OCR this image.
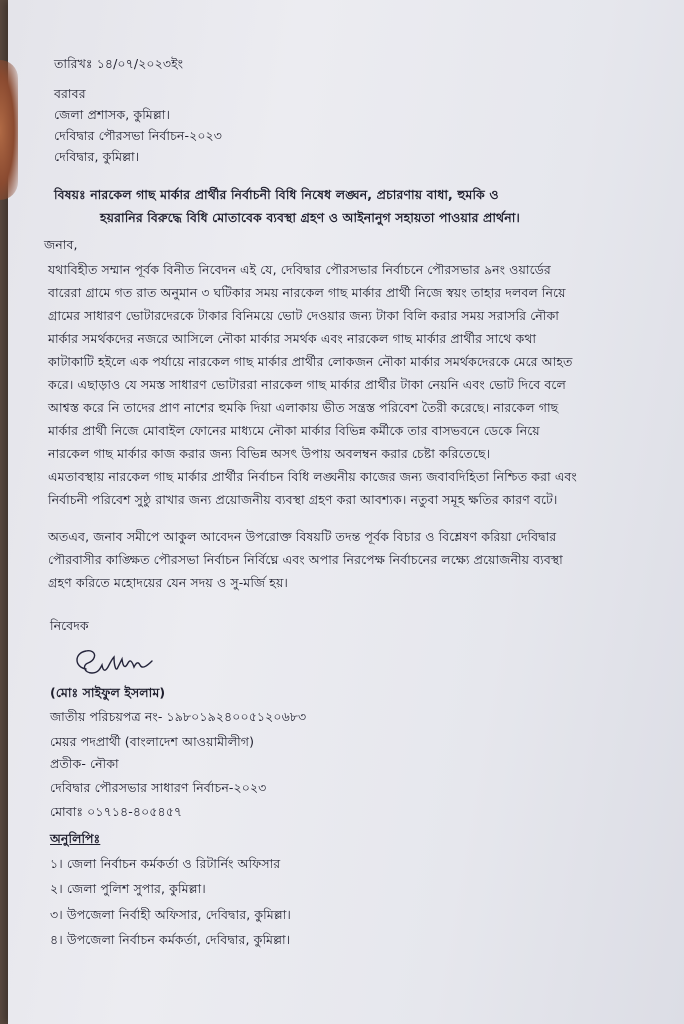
তারিখঃ ১৪/০৭/২০২৩ইং
বরাবর
জেলা প্রশাসক, কুমিল্লা।
দেবিদ্বার পৌরসভা নির্বাচন-২০২৩
দেবিদ্বার, কুমিল্লা।
বিষয়ঃ নারকেল গাছ মার্কার প্রার্থীর নির্বাচনী বিধি নিষেধ লঙ্ঘন, প্রচারণায় বাধা, হুমকি ও
হয়রানির বিরুদ্ধে বিধি মোতাবেক ব্যবস্থা গ্রহণ ও আইনানুগ সহায়তা পাওয়ার প্রার্থনা।
জনাব,
যথাবিহীত সম্মান পূর্বক বিনীত নিবেদন এই যে, দেবিদ্বার পৌরসভার নির্বাচনে পৌরসভার ৯নং ওয়ার্ডের
বারেরা গ্রামে গত রাত অনুমান ৩ ঘটিকার সময় নারকেল গাছ মার্কার প্রার্থী নিজে স্বয়ং তাহার দলবল নিয়ে
গ্রামের সাধারণ ভোটারদেরকে টাকার বিনিময়ে ভোট দেওয়ার জন্য টাকা বিলি করার সময় সরাসরি নৌকা
মার্কার সমর্থকদের নজরে আসিলে নৌকা মার্কার সমর্থক এবং নারকেল গাছ মার্কার প্রার্থীর সাথে কথা
কাটাকাটি হইলে এক পর্যায়ে নারকেল গাছ মার্কার প্রার্থীর লোকজন নৌকা মার্কার সমর্থকদেরকে মেরে আহত
করে। এছাড়াও যে সমস্ত সাধারণ ভোটাররা নারকেল গাছ মার্কার প্রার্থীর টাকা নেয়নি এবং ভোট দিবে বলে
আশ্বস্ত করে নি তাদের প্রাণ নাশের হুমকি দিয়া এলাকায় ভীত সন্ত্রস্ত পরিবেশ তৈরী করেছে। নারকেল গাছ
মার্কার প্রার্থী নিজে মোবাইল ফোনের মাধ্যমে নৌকা মার্কার বিভিন্ন কর্মীকে তার বাসভবনে ডেকে নিয়ে
নারকেল গাছ মার্কার কাজ করার জন্য বিভিন্ন অসৎ উপায় অবলম্বন করার চেষ্টা করিতেছে।
এমতাবস্থায় নারকেল গাছ মার্কার প্রার্থীর নির্বাচন বিধি লঙ্ঘনীয় কাজের জন্য জবাবদিহিতা নিশ্চিত করা এবং
নির্বাচনী পরিবেশ সুষ্ঠু রাখার জন্য প্রয়োজনীয় ব্যবস্থা গ্রহণ করা আবশ্যক। নতুবা সমূহ ক্ষতির কারণ বটে।
অতএব, জনাব সমীপে আকুল আবেদন উপরোক্ত বিষয়টি তদন্ত পূর্বক বিচার ও বিশ্লেষণ করিয়া দেবিদ্বার
পৌরবাসীর কাঙ্ক্ষিত পৌরসভা নির্বাচন নির্বিঘ্নে এবং অপার নিরপেক্ষ নির্বাচনের লক্ষ্যে প্রয়োজনীয় ব্যবস্থা
গ্রহণ করিতে মহোদয়ের যেন সদয় ও সু-মর্জি হয়।
নিবেদক
(মোঃ সাইফুল ইসলাম)
জাতীয় পরিচয়পত্র নং- ১৯৮০১৯২৪০০৫১২০৬৮৩
মেয়র পদপ্রার্থী (বাংলাদেশ আওয়ামীলীগ)
প্রতীক- নৌকা
দেবিদ্বার পৌরসভার সাধারণ নির্বাচন-২০২৩
মোবাঃ ০১৭১৪-৪০৫৪৫৭
অনুলিপিঃ
১। জেলা নির্বাচন কর্মকর্তা ও রিটার্নিং অফিসার
২। জেলা পুলিশ সুপার, কুমিল্লা।
৩। উপজেলা নির্বাহী অফিসার, দেবিদ্বার, কুমিল্লা।
৪। উপজেলা নির্বাচন কর্মকর্তা, দেবিদ্বার, কুমিল্লা।
